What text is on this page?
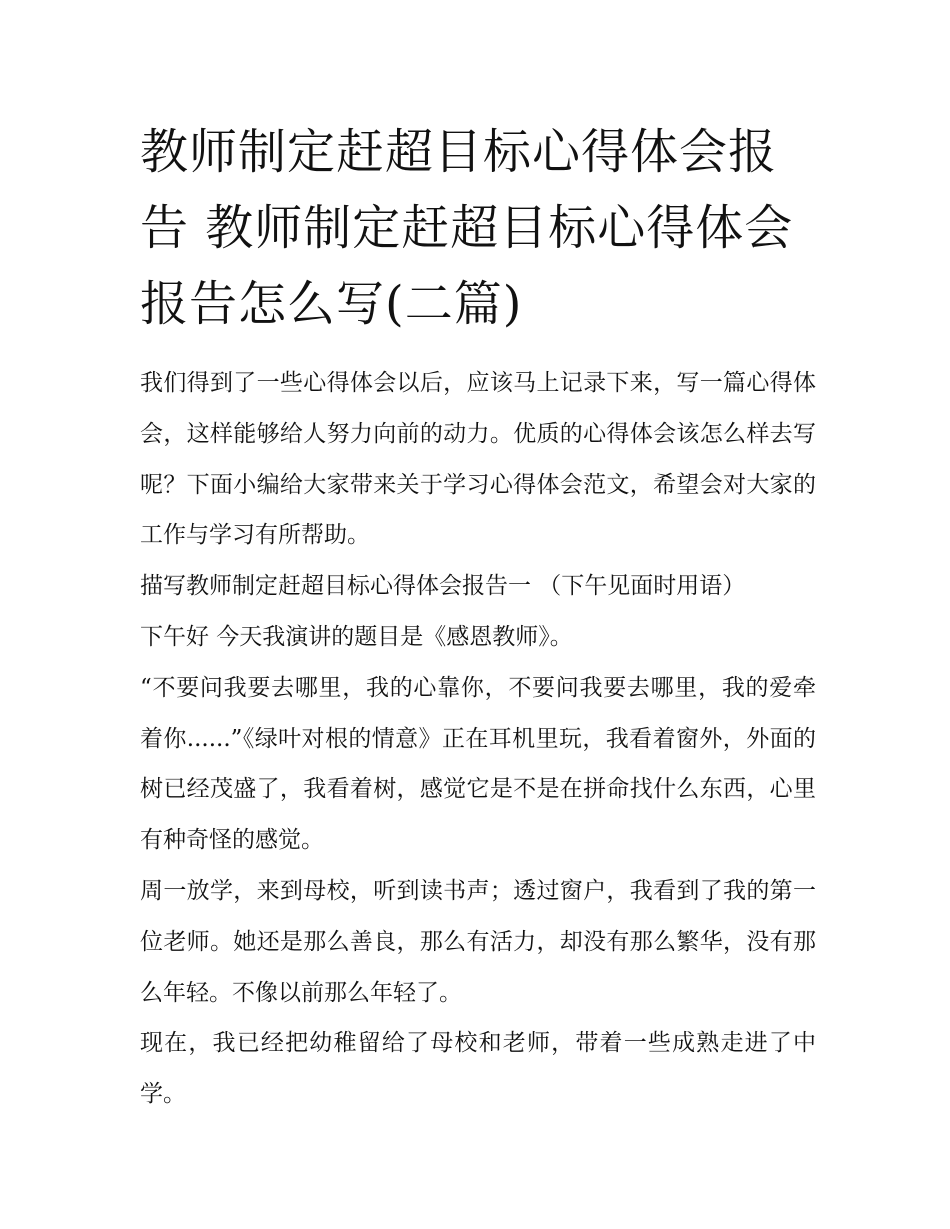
教师制定赶超目标心得体会报告 教师制定赶超目标心得体会报告怎么写(二篇)

我们得到了一些心得体会以后，应该马上记录下来，写一篇心得体会，这样能够给人努力向前的动力。优质的心得体会该怎么样去写呢？下面小编给大家带来关于学习心得体会范文，希望会对大家的工作与学习有所帮助。

描写教师制定赶超目标心得体会报告一 （下午见面时用语）

下午好 今天我演讲的题目是《感恩教师》。

“不要问我要去哪里，我的心靠你，不要问我要去哪里，我的爱牵着你......”《绿叶对根的情意》正在耳机里玩，我看着窗外，外面的树已经茂盛了，我看着树，感觉它是不是在拼命找什么东西，心里有种奇怪的感觉。

周一放学，来到母校，听到读书声；透过窗户，我看到了我的第一位老师。她还是那么善良，那么有活力，却没有那么繁华，没有那么年轻。不像以前那么年轻了。

现在，我已经把幼稚留给了母校和老师，带着一些成熟走进了中学。
